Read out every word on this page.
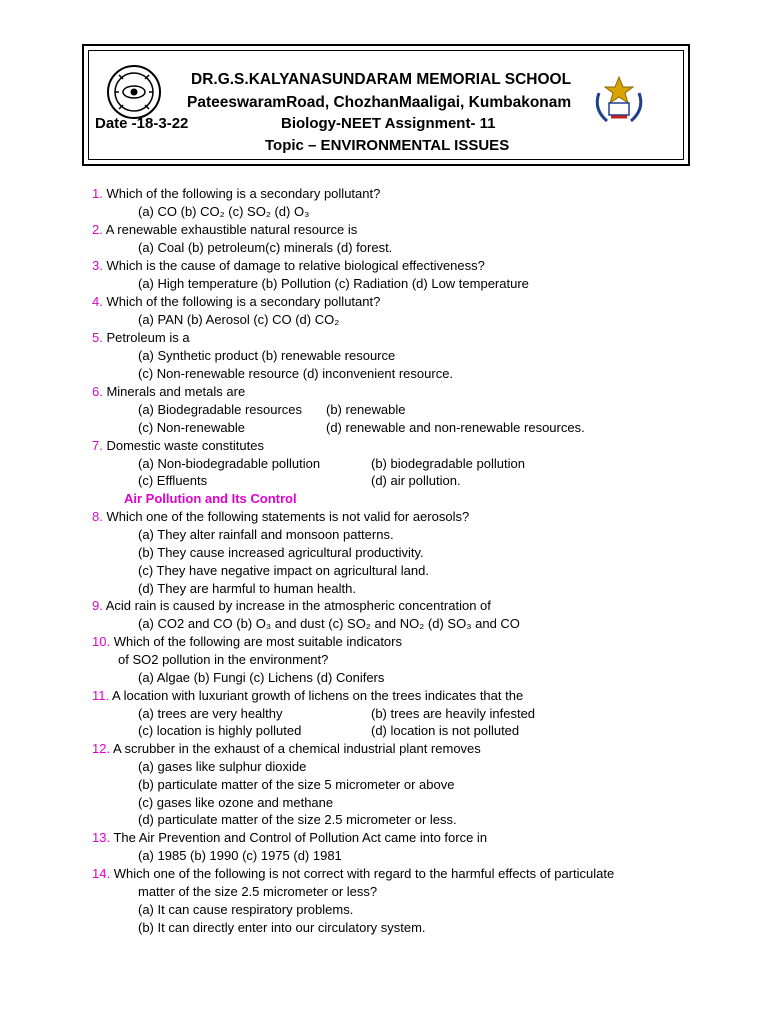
DR.G.S.KALYANASUNDARAM MEMORIAL SCHOOL
PateeswaramRoad, ChozhanMaaligai, Kumbakonam
Date -18-3-22	Biology-NEET Assignment- 11
Topic – ENVIRONMENTAL ISSUES
1. Which of the following is a secondary pollutant?
(a) CO (b) CO₂ (c) SO₂ (d) O₃
2. A renewable exhaustible natural resource is
(a) Coal (b) petroleum(c) minerals (d) forest.
3. Which is the cause of damage to relative biological effectiveness?
(a) High temperature (b) Pollution (c) Radiation (d) Low temperature
4. Which of the following is a secondary pollutant?
(a) PAN (b) Aerosol (c) CO (d) CO₂
5. Petroleum is a
(a) Synthetic product (b) renewable resource
(c) Non-renewable resource (d) inconvenient resource.
6. Minerals and metals are
(a) Biodegradable resources (b) renewable
(c) Non-renewable	(d) renewable and non-renewable resources.
7. Domestic waste constitutes
(a) Non-biodegradable pollution	(b) biodegradable pollution
(c) Effluents	(d) air pollution.
Air Pollution and Its Control
8. Which one of the following statements is not valid for aerosols?
(a) They alter rainfall and monsoon patterns.
(b) They cause increased agricultural productivity.
(c) They have negative impact on agricultural land.
(d) They are harmful to human health.
9. Acid rain is caused by increase in the atmospheric concentration of
(a) CO2 and CO (b) O₃ and dust (c) SO₂ and NO₂ (d) SO₃ and CO
10. Which of the following are most suitable indicators
of SO2 pollution in the environment?
(a) Algae (b) Fungi (c) Lichens (d) Conifers
11. A location with luxuriant growth of lichens on the trees indicates that the
(a) trees are very healthy	(b) trees are heavily infested
(c) location is highly polluted	(d) location is not polluted
12. A scrubber in the exhaust of a chemical industrial plant removes
(a) gases like sulphur dioxide
(b) particulate matter of the size 5 micrometer or above
(c) gases like ozone and methane
(d) particulate matter of the size 2.5 micrometer or less.
13. The Air Prevention and Control of Pollution Act came into force in
(a) 1985 (b) 1990 (c) 1975 (d) 1981
14. Which one of the following is not correct with regard to the harmful effects of particulate
matter of the size 2.5 micrometer or less?
(a) It can cause respiratory problems.
(b) It can directly enter into our circulatory system.
